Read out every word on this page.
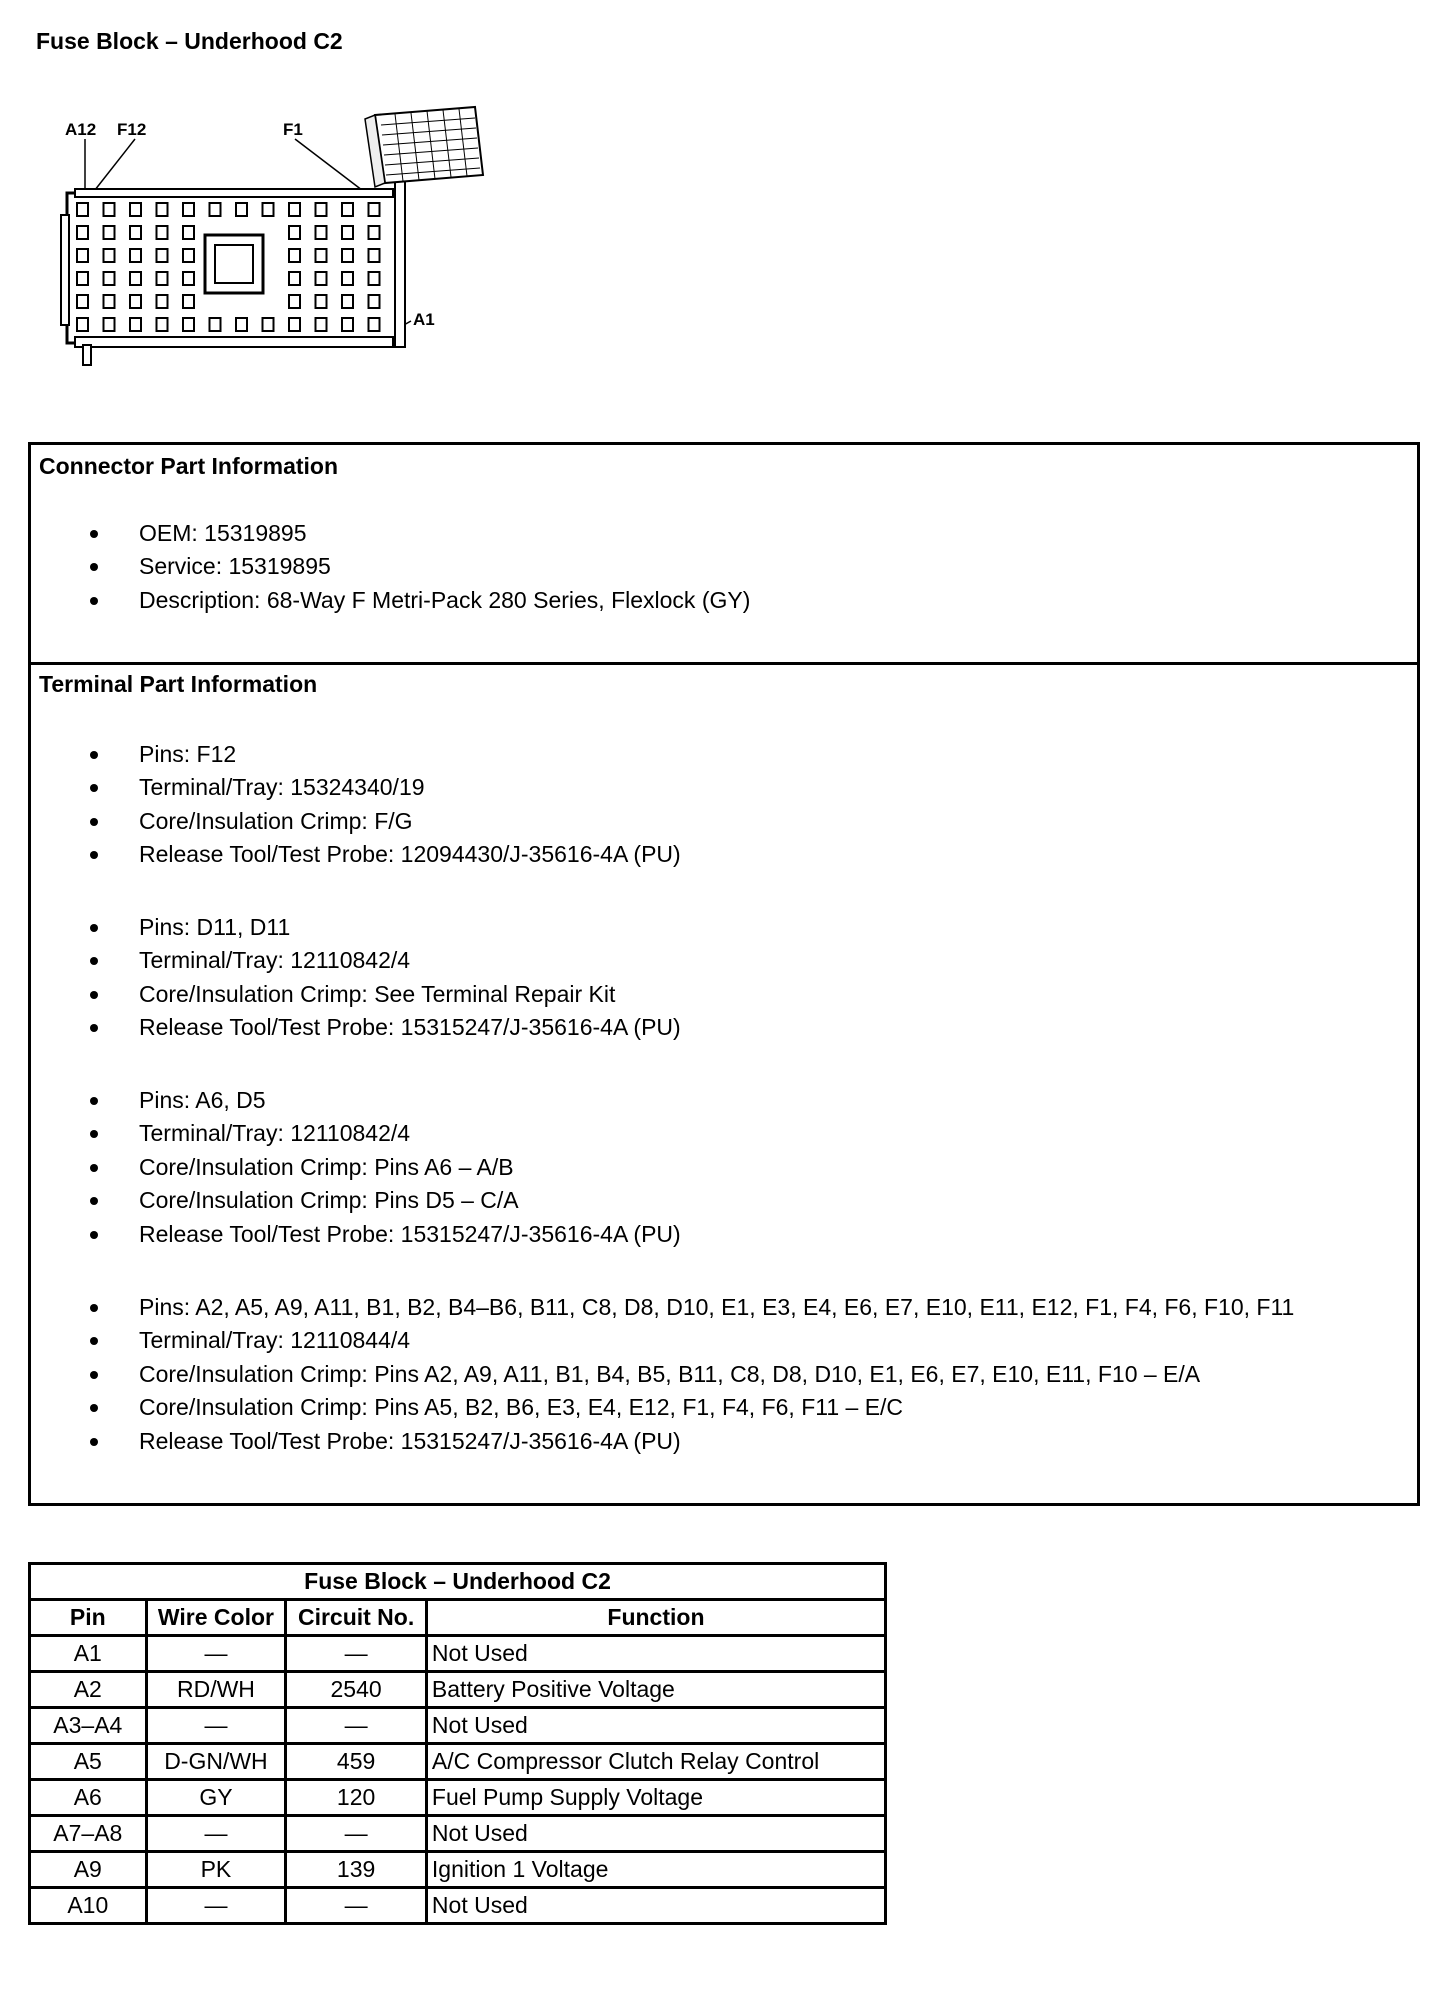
Fuse Block – Underhood C2
A12 F12	F1
A1
Connector Part Information
OEM: 15319895
Service: 15319895
Description: 68-Way F Metri-Pack 280 Series, Flexlock (GY)
Terminal Part Information
Pins: F12
Terminal/Tray: 15324340/19
Core/Insulation Crimp: F/G
Release Tool/Test Probe: 12094430/J-35616-4A (PU)
Pins: D11, D11
Terminal/Tray: 12110842/4
Core/Insulation Crimp: See Terminal Repair Kit
Release Tool/Test Probe: 15315247/J-35616-4A (PU)
Pins: A6, D5
Terminal/Tray: 12110842/4
Core/Insulation Crimp: Pins A6 – A/B
Core/Insulation Crimp: Pins D5 – C/A
Release Tool/Test Probe: 15315247/J-35616-4A (PU)
Pins: A2, A5, A9, A11, B1, B2, B4–B6, B11, C8, D8, D10, E1, E3, E4, E6, E7, E10, E11, E12, F1, F4, F6, F10, F11
Terminal/Tray: 12110844/4
Core/Insulation Crimp: Pins A2, A9, A11, B1, B4, B5, B11, C8, D8, D10, E1, E6, E7, E10, E11, F10 – E/A
Core/Insulation Crimp: Pins A5, B2, B6, E3, E4, E12, F1, F4, F6, F11 – E/C
Release Tool/Test Probe: 15315247/J-35616-4A (PU)
Fuse Block – Underhood C2			
Pin	Wire Color	Circuit No.	Function
A1	—	—	Not Used
A2	RD/WH	2540	Battery Positive Voltage
A3–A4	—	—	Not Used
A5	D-GN/WH	459	A/C Compressor Clutch Relay Control
A6	GY	120	Fuel Pump Supply Voltage
A7–A8	—	—	Not Used
A9	PK	139	Ignition 1 Voltage
A10	—	—	Not Used
